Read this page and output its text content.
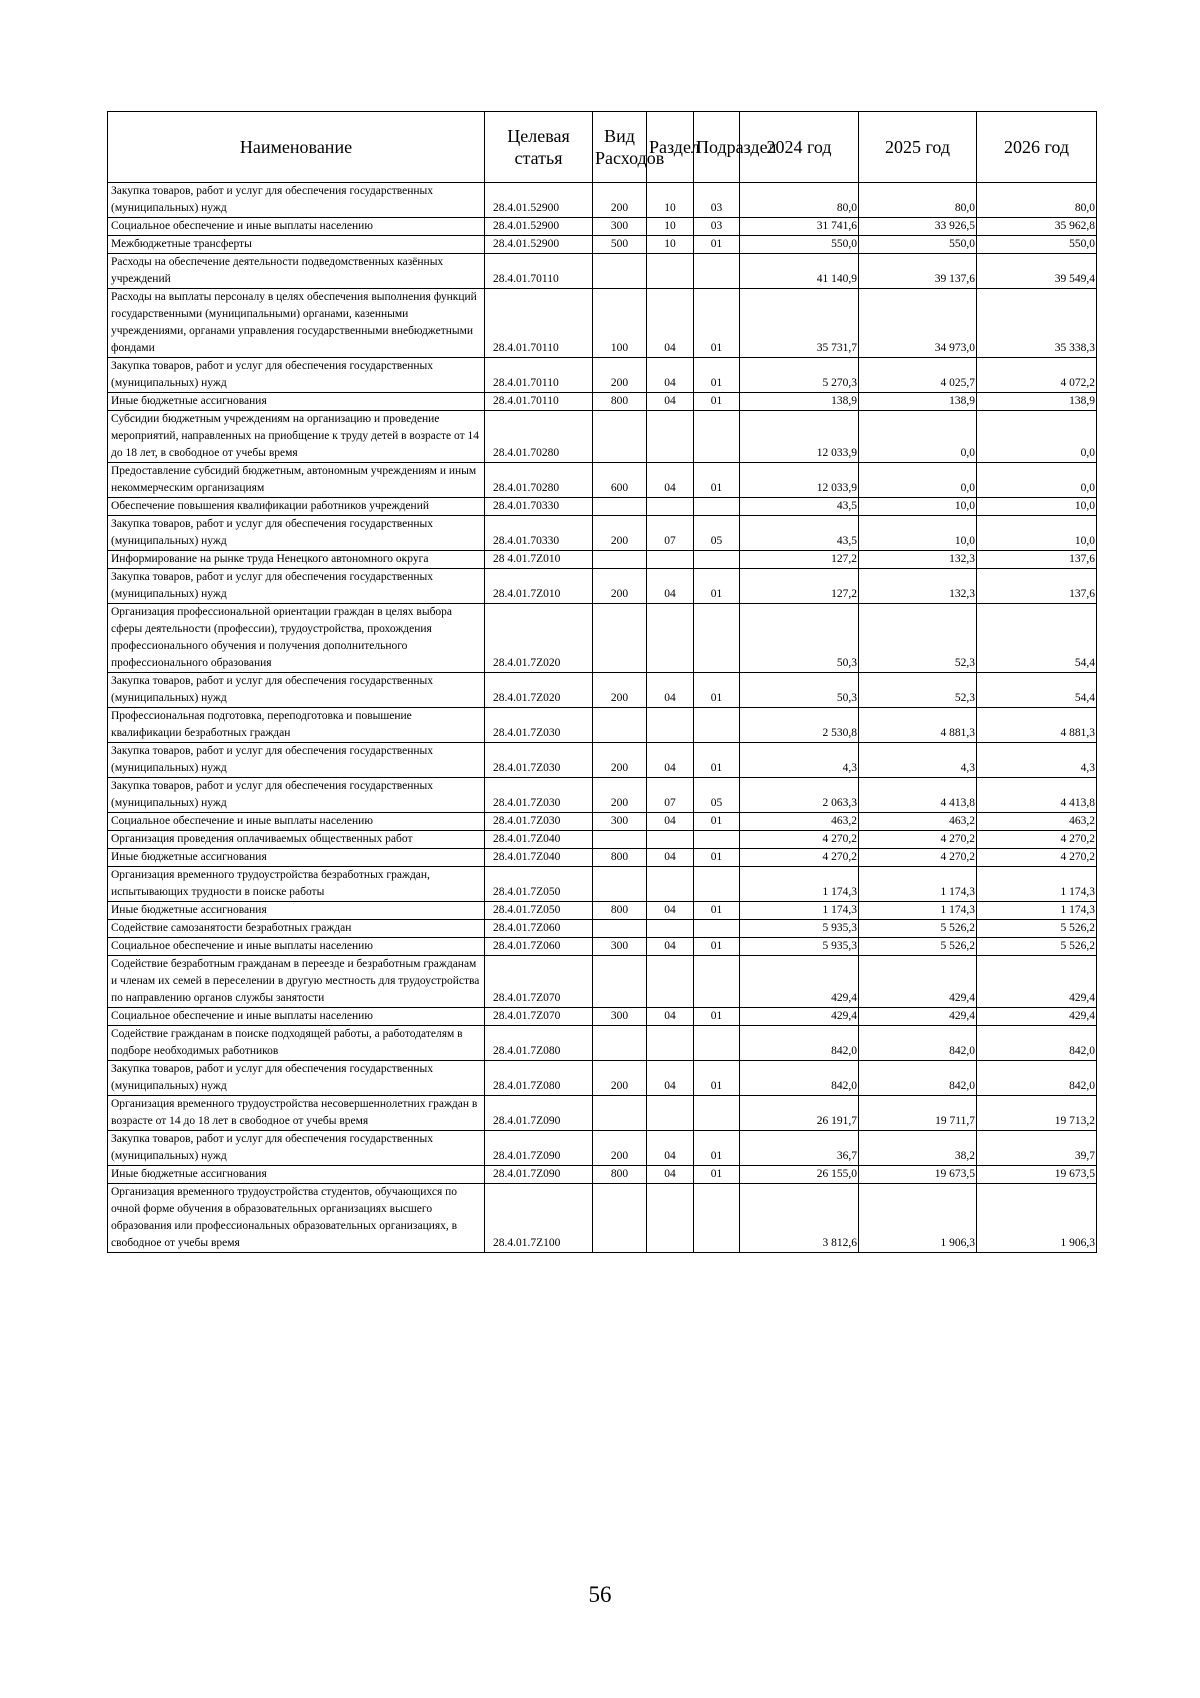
Наименование	Целевая статья	Вид Расходов	Раздел	Подраздел	2024 год	2025 год	2026 год
Закупка товаров, работ и услуг для обеспечения государственных (муниципальных) нужд	28.4.01.52900	200	10	03	80,0	80,0	80,0
Социальное обеспечение и иные выплаты населению	28.4.01.52900	300	10	03	31 741,6	33 926,5	35 962,8
Межбюджетные трансферты	28.4.01.52900	500	10	01	550,0	550,0	550,0
Расходы на обеспечение деятельности подведомственных казённых учреждений	28.4.01.70110				41 140,9	39 137,6	39 549,4
Расходы на выплаты персоналу в целях обеспечения выполнения функций государственными (муниципальными) органами, казенными учреждениями, органами управления государственными внебюджетными фондами	28.4.01.70110	100	04	01	35 731,7	34 973,0	35 338,3
Закупка товаров, работ и услуг для обеспечения государственных (муниципальных) нужд	28.4.01.70110	200	04	01	5 270,3	4 025,7	4 072,2
Иные бюджетные ассигнования	28.4.01.70110	800	04	01	138,9	138,9	138,9
Субсидии бюджетным учреждениям на организацию и проведение мероприятий, направленных на приобщение к труду детей в возрасте от 14 до 18 лет, в свободное от учебы время	28.4.01.70280				12 033,9	0,0	0,0
Предоставление субсидий бюджетным, автономным учреждениям и иным некоммерческим организациям	28.4.01.70280	600	04	01	12 033,9	0,0	0,0
Обеспечение повышения квалификации работников учреждений	28.4.01.70330				43,5	10,0	10,0
Закупка товаров, работ и услуг для обеспечения государственных (муниципальных) нужд	28.4.01.70330	200	07	05	43,5	10,0	10,0
Информирование на рынке труда Ненецкого автономного округа	28 4.01.7Z010				127,2	132,3	137,6
Закупка товаров, работ и услуг для обеспечения государственных (муниципальных) нужд	28.4.01.7Z010	200	04	01	127,2	132,3	137,6
Организация профессиональной ориентации граждан в целях выбора сферы деятельности (профессии), трудоустройства, прохождения профессионального обучения и получения дополнительного профессионального образования	28.4.01.7Z020				50,3	52,3	54,4
Закупка товаров, работ и услуг для обеспечения государственных (муниципальных) нужд	28.4.01.7Z020	200	04	01	50,3	52,3	54,4
Профессиональная подготовка, переподготовка и повышение квалификации безработных граждан	28.4.01.7Z030				2 530,8	4 881,3	4 881,3
Закупка товаров, работ и услуг для обеспечения государственных (муниципальных) нужд	28.4.01.7Z030	200	04	01	4,3	4,3	4,3
Закупка товаров, работ и услуг для обеспечения государственных (муниципальных) нужд	28.4.01.7Z030	200	07	05	2 063,3	4 413,8	4 413,8
Социальное обеспечение и иные выплаты населению	28.4.01.7Z030	300	04	01	463,2	463,2	463,2
Организация проведения оплачиваемых общественных работ	28.4.01.7Z040				4 270,2	4 270,2	4 270,2
Иные бюджетные ассигнования	28.4.01.7Z040	800	04	01	4 270,2	4 270,2	4 270,2
Организация временного трудоустройства безработных граждан, испытывающих трудности в поиске работы	28.4.01.7Z050				1 174,3	1 174,3	1 174,3
Иные бюджетные ассигнования	28.4.01.7Z050	800	04	01	1 174,3	1 174,3	1 174,3
Содействие самозанятости безработных граждан	28.4.01.7Z060				5 935,3	5 526,2	5 526,2
Социальное обеспечение и иные выплаты населению	28.4.01.7Z060	300	04	01	5 935,3	5 526,2	5 526,2
Содействие безработным гражданам в переезде и безработным гражданам и членам их семей в переселении в другую местность для трудоустройства по направлению органов службы занятости	28.4.01.7Z070				429,4	429,4	429,4
Социальное обеспечение и иные выплаты населению	28.4.01.7Z070	300	04	01	429,4	429,4	429,4
Содействие гражданам в поиске подходящей работы, а работодателям в подборе необходимых работников	28.4.01.7Z080				842,0	842,0	842,0
Закупка товаров, работ и услуг для обеспечения государственных (муниципальных) нужд	28.4.01.7Z080	200	04	01	842,0	842,0	842,0
Организация временного трудоустройства несовершеннолетних граждан в возрасте от 14 до 18 лет в свободное от учебы время	28.4.01.7Z090				26 191,7	19 711,7	19 713,2
Закупка товаров, работ и услуг для обеспечения государственных (муниципальных) нужд	28.4.01.7Z090	200	04	01	36,7	38,2	39,7
Иные бюджетные ассигнования	28.4.01.7Z090	800	04	01	26 155,0	19 673,5	19 673,5
Организация временного трудоустройства студентов, обучающихся по очной форме обучения в образовательных организациях высшего образования или профессиональных образовательных организациях, в свободное от учебы время	28.4.01.7Z100				3 812,6	1 906,3	1 906,3
56
